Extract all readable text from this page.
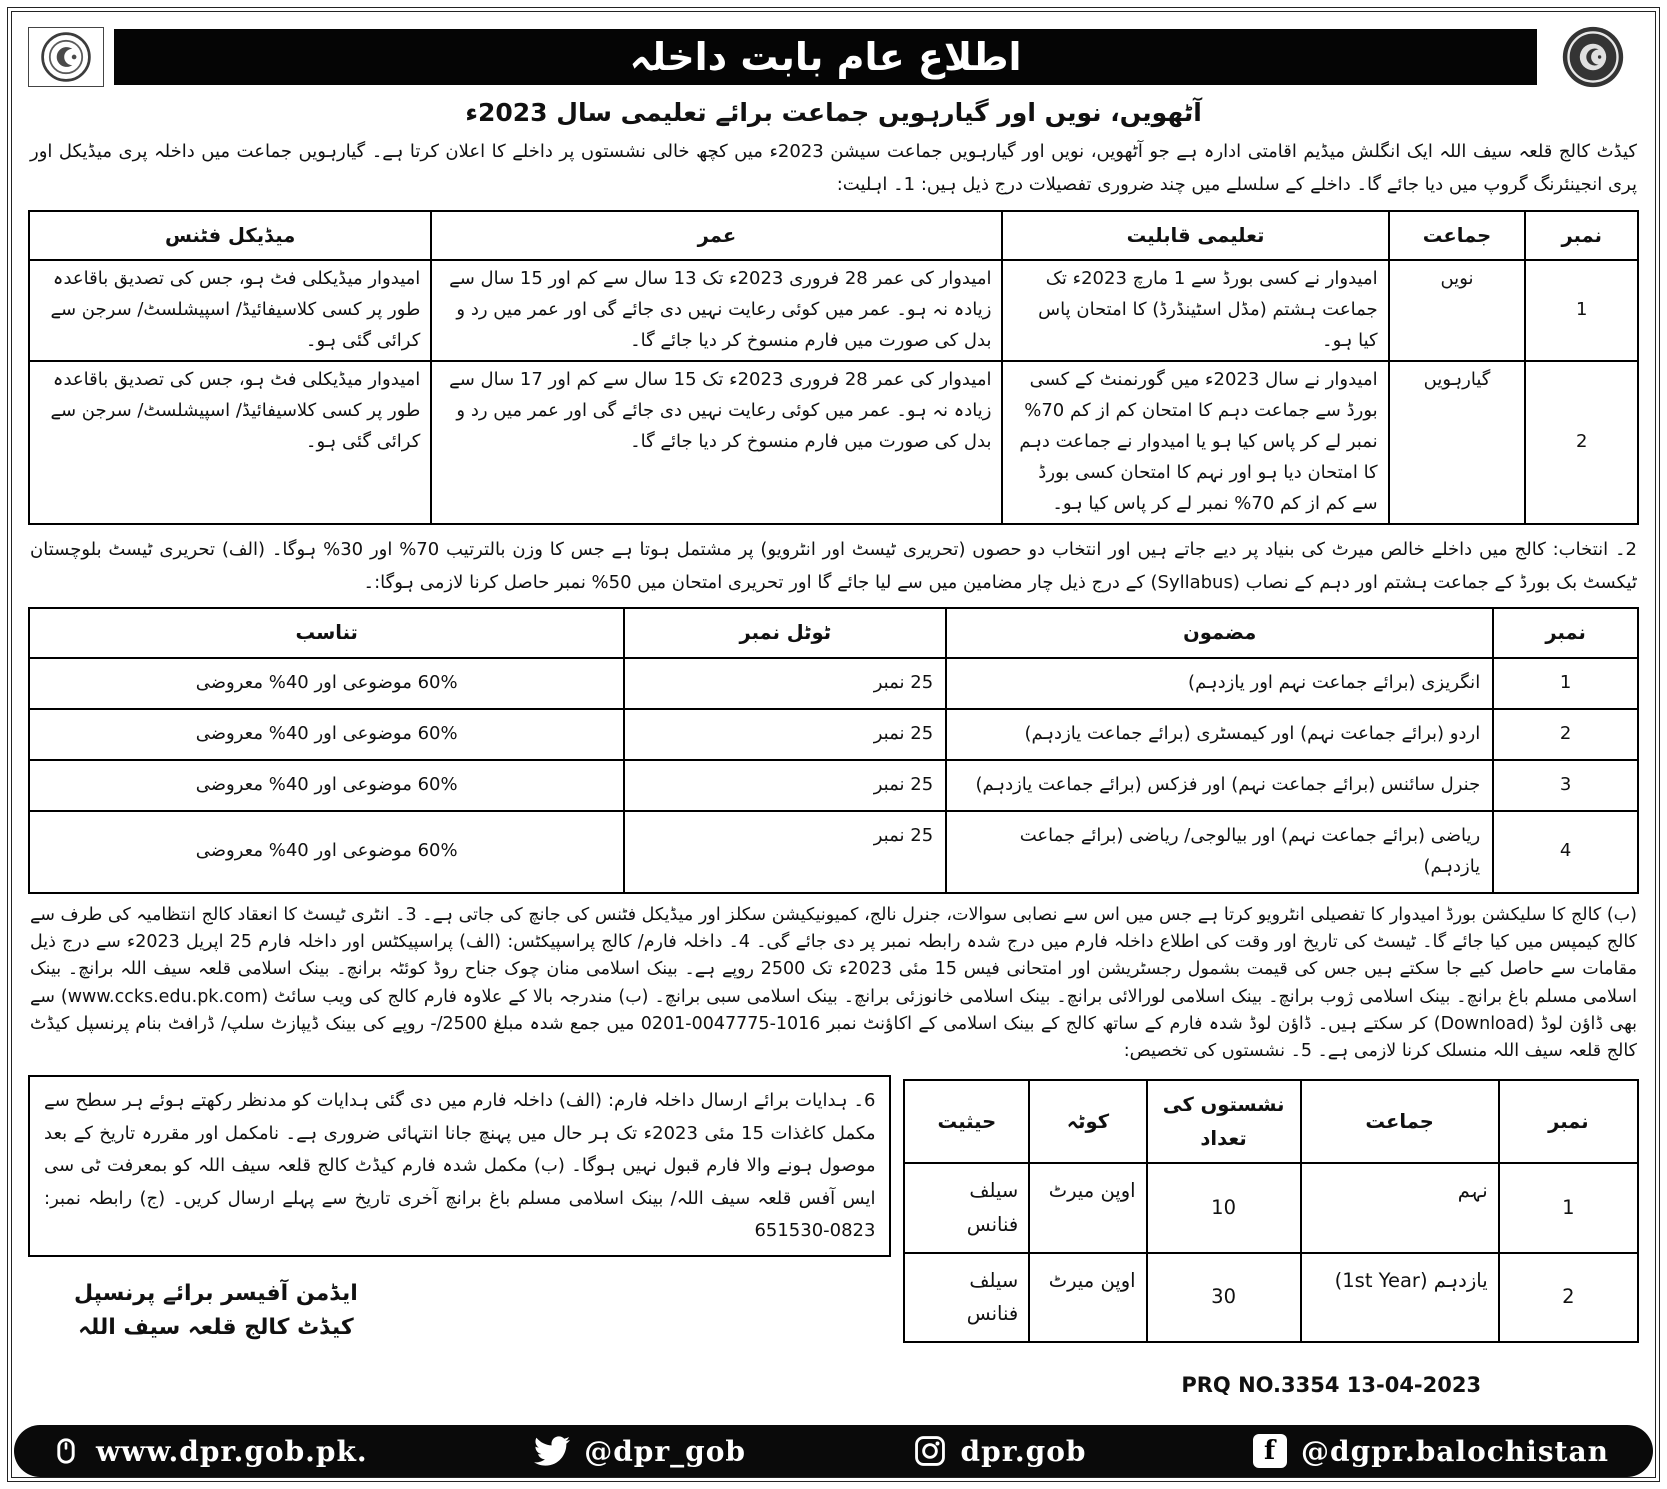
اطلاع عام بابت داخلہ
آٹھویں، نویں اور گیارہویں جماعت برائے تعلیمی سال 2023ء

کیڈٹ کالج قلعہ سیف اللہ ایک انگلش میڈیم اقامتی ادارہ ہے جو آٹھویں، نویں اور گیارہویں جماعت سیشن 2023ء میں کچھ خالی نشستوں پر داخلے کا اعلان کرتا ہے۔ گیارہویں جماعت میں داخلہ پری میڈیکل اور پری انجینئرنگ گروپ میں دیا جائے گا۔ داخلے کے سلسلے میں چند ضروری تفصیلات درج ذیل ہیں: 1۔ اہلیت:

نمبر	جماعت	تعلیمی قابلیت	عمر	میڈیکل فٹنس
1	نویں	امیدوار نے کسی بورڈ سے 1 مارچ 2023ء تک جماعت ہشتم (مڈل اسٹینڈرڈ) کا امتحان پاس کیا ہو۔	امیدوار کی عمر 28 فروری 2023ء تک 13 سال سے کم اور 15 سال سے زیادہ نہ ہو۔ عمر میں کوئی رعایت نہیں دی جائے گی اور عمر میں رد و بدل کی صورت میں فارم منسوخ کر دیا جائے گا۔	امیدوار میڈیکلی فٹ ہو، جس کی تصدیق باقاعدہ طور پر کسی کلاسیفائیڈ/ اسپیشلسٹ/ سرجن سے کرائی گئی ہو۔
2	گیارہویں	امیدوار نے سال 2023ء میں گورنمنٹ کے کسی بورڈ سے جماعت دہم کا امتحان کم از کم 70% نمبر لے کر پاس کیا ہو یا امیدوار نے جماعت دہم کا امتحان دیا ہو اور نہم کا امتحان کسی بورڈ سے کم از کم 70% نمبر لے کر پاس کیا ہو۔	امیدوار کی عمر 28 فروری 2023ء تک 15 سال سے کم اور 17 سال سے زیادہ نہ ہو۔ عمر میں کوئی رعایت نہیں دی جائے گی اور عمر میں رد و بدل کی صورت میں فارم منسوخ کر دیا جائے گا۔	امیدوار میڈیکلی فٹ ہو، جس کی تصدیق باقاعدہ طور پر کسی کلاسیفائیڈ/ اسپیشلسٹ/ سرجن سے کرائی گئی ہو۔

2۔ انتخاب: کالج میں داخلے خالص میرٹ کی بنیاد پر دیے جاتے ہیں اور انتخاب دو حصوں (تحریری ٹیسٹ اور انٹرویو) پر مشتمل ہوتا ہے جس کا وزن بالترتیب 70% اور 30% ہوگا۔ (الف) تحریری ٹیسٹ بلوچستان ٹیکسٹ بک بورڈ کے جماعت ہشتم اور دہم کے نصاب (Syllabus) کے درج ذیل چار مضامین میں سے لیا جائے گا اور تحریری امتحان میں 50% نمبر حاصل کرنا لازمی ہوگا:۔

نمبر	مضمون	ٹوٹل نمبر	تناسب
1	انگریزی (برائے جماعت نہم اور یازدہم)	25 نمبر	60% موضوعی اور 40% معروضی
2	اردو (برائے جماعت نہم) اور کیمسٹری (برائے جماعت یازدہم)	25 نمبر	60% موضوعی اور 40% معروضی
3	جنرل سائنس (برائے جماعت نہم) اور فزکس (برائے جماعت یازدہم)	25 نمبر	60% موضوعی اور 40% معروضی
4	ریاضی (برائے جماعت نہم) اور بیالوجی/ ریاضی (برائے جماعت یازدہم)	25 نمبر	60% موضوعی اور 40% معروضی

(ب) کالج کا سلیکشن بورڈ امیدوار کا تفصیلی انٹرویو کرتا ہے جس میں اس سے نصابی سوالات، جنرل نالج، کمیونیکیشن سکلز اور میڈیکل فٹنس کی جانچ کی جاتی ہے۔ 3۔ انٹری ٹیسٹ کا انعقاد کالج انتظامیہ کی طرف سے کالج کیمپس میں کیا جائے گا۔ ٹیسٹ کی تاریخ اور وقت کی اطلاع داخلہ فارم میں درج شدہ رابطہ نمبر پر دی جائے گی۔ 4۔ داخلہ فارم/ کالج پراسپیکٹس: (الف) پراسپیکٹس اور داخلہ فارم 25 اپریل 2023ء سے درج ذیل مقامات سے حاصل کیے جا سکتے ہیں جس کی قیمت بشمول رجسٹریشن اور امتحانی فیس 15 مئی 2023ء تک 2500 روپے ہے۔ بینک اسلامی منان چوک جناح روڈ کوئٹہ برانچ۔ بینک اسلامی قلعہ سیف اللہ برانچ۔ بینک اسلامی مسلم باغ برانچ۔ بینک اسلامی ژوب برانچ۔ بینک اسلامی لورالائی برانچ۔ بینک اسلامی خانوزئی برانچ۔ بینک اسلامی سبی برانچ۔ (ب) مندرجہ بالا کے علاوہ فارم کالج کی ویب سائٹ (www.ccks.edu.pk.com) سے بھی ڈاؤن لوڈ (Download) کر سکتے ہیں۔ ڈاؤن لوڈ شدہ فارم کے ساتھ کالج کے بینک اسلامی کے اکاؤنٹ نمبر 1016-0047775-0201 میں جمع شدہ مبلغ 2500/- روپے کی بینک ڈیپازٹ سلپ/ ڈرافٹ بنام پرنسپل کیڈٹ کالج قلعہ سیف اللہ منسلک کرنا لازمی ہے۔ 5۔ نشستوں کی تخصیص:

نمبر	جماعت	نشستوں کی تعداد	کوٹہ	حیثیت
1	نہم	10	اوپن میرٹ	سیلف فنانس
2	یازدہم (1st Year)	30	اوپن میرٹ	سیلف فنانس
PRQ NO.3354 13-04-2023
6۔ ہدایات برائے ارسال داخلہ فارم: (الف) داخلہ فارم میں دی گئی ہدایات کو مدنظر رکھتے ہوئے ہر سطح سے مکمل کاغذات 15 مئی 2023ء تک ہر حال میں پہنچ جانا انتہائی ضروری ہے۔ نامکمل اور مقررہ تاریخ کے بعد موصول ہونے والا فارم قبول نہیں ہوگا۔ (ب) مکمل شدہ فارم کیڈٹ کالج قلعہ سیف اللہ کو بمعرفت ٹی سی ایس آفس قلعہ سیف اللہ/ بینک اسلامی مسلم باغ برانچ آخری تاریخ سے پہلے ارسال کریں۔ (ج) رابطہ نمبر: 0823-651530
ایڈمن آفیسر برائے پرنسپل
کیڈٹ کالج قلعہ سیف اللہ
www.dpr.gob.pk.	@dpr_gob	dpr.gob	f @dgpr.balochistan
